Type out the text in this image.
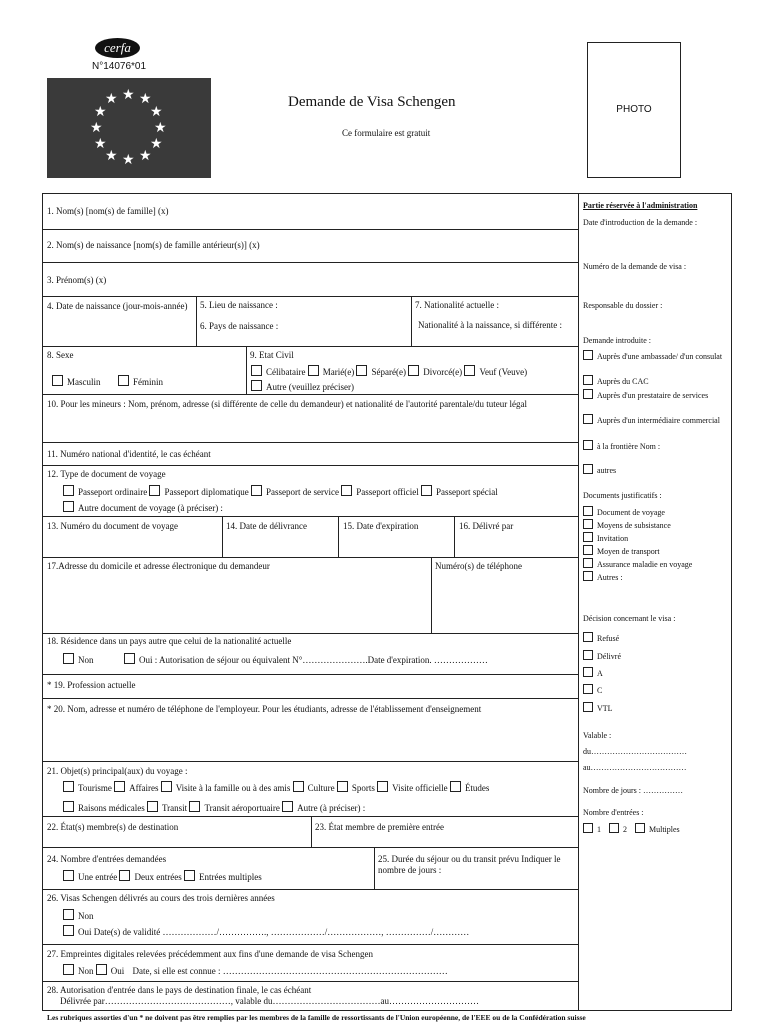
cerfa
N°14076*01
★ ★
★
★
★
★
★
★
★
★
★
★	Demande de Visa Schengen
Ce formulaire est gratuit
PHOTO
1. Nom(s) [nom(s) de famille] (x)
2. Nom(s) de naissance [nom(s) de famille antérieur(s)] (x)
3. Prénom(s) (x)
4. Date de naissance (jour-mois-année)	5. Lieu de naissance :
6. Pays de naissance :
7. Nationalité actuelle :
Nationalité à la naissance, si différente :
8. Sexe
Masculin	Féminin
9. Etat Civil
Célibataire Marié(e) Séparé(e) Divorcé(e) Veuf (Veuve)
Autre (veuillez préciser)
10. Pour les mineurs : Nom, prénom, adresse (si différente de celle du demandeur) et nationalité de l'autorité parentale/du tuteur légal
11. Numéro national d'identité, le cas échéant
12. Type de document de voyage
Passeport ordinaire Passeport diplomatique Passeport de service Passeport officiel Passeport spécial
Autre document de voyage (à préciser) :
13. Numéro du document de voyage	14. Date de délivrance	15. Date d'expiration	16. Délivré par
17.Adresse du domicile et adresse électronique du demandeur	Numéro(s) de téléphone
18. Résidence dans un pays autre que celui de la nationalité actuelle
Non	Oui : Autorisation de séjour ou équivalent N°………………….Date d'expiration. ………………
* 19. Profession actuelle
* 20. Nom, adresse et numéro de téléphone de l'employeur. Pour les étudiants, adresse de l'établissement d'enseignement
21. Objet(s) principal(aux) du voyage :
Tourisme Affaires Visite à la famille ou à des amis Culture Sports Visite officielle Études
Raisons médicales Transit Transit aéroportuaire Autre (à préciser) :
22. État(s) membre(s) de destination	23. État membre de première entrée
24. Nombre d'entrées demandées
Une entrée Deux entrées Entrées multiples
25. Durée du séjour ou du transit prévu Indiquer le nombre de jours :
26. Visas Schengen délivrés au cours des trois dernières années
Non
Oui Date(s) de validité ………………/……………., ………………/………………, ……………/…………
27. Empreintes digitales relevées précédemment aux fins d'une demande de visa Schengen
Non Oui Date, si elle est connue : …………………………………………………………………
28. Autorisation d'entrée dans le pays de destination finale, le cas échéant
Délivrée par……………………………………, valable du………………………………au…………………………
Partie réservée à l'administration
Date d'introduction de la demande :
Numéro de la demande de visa :
Responsable du dossier :
Demande introduite :
Auprès d'une ambassade/ d'un consulat
Auprès du CAC
Auprès d'un prestataire de services
Auprès d'un intermédiaire commercial
à la frontière Nom :
autres
Documents justificatifs :
Document de voyage
Moyens de subsistance
Invitation
Moyen de transport
Assurance maladie en voyage
Autres :
Décision concernant le visa :
Refusé
Délivré
A
C
VTL
Valable :
du………………………………
au………………………………
Nombre de jours : ……………
Nombre d'entrées :
1	2	Multiples
Les rubriques assorties d'un * ne doivent pas être remplies par les membres de la famille de ressortissants de l'Union européenne, de l'EEE ou de la Confédération suisse
